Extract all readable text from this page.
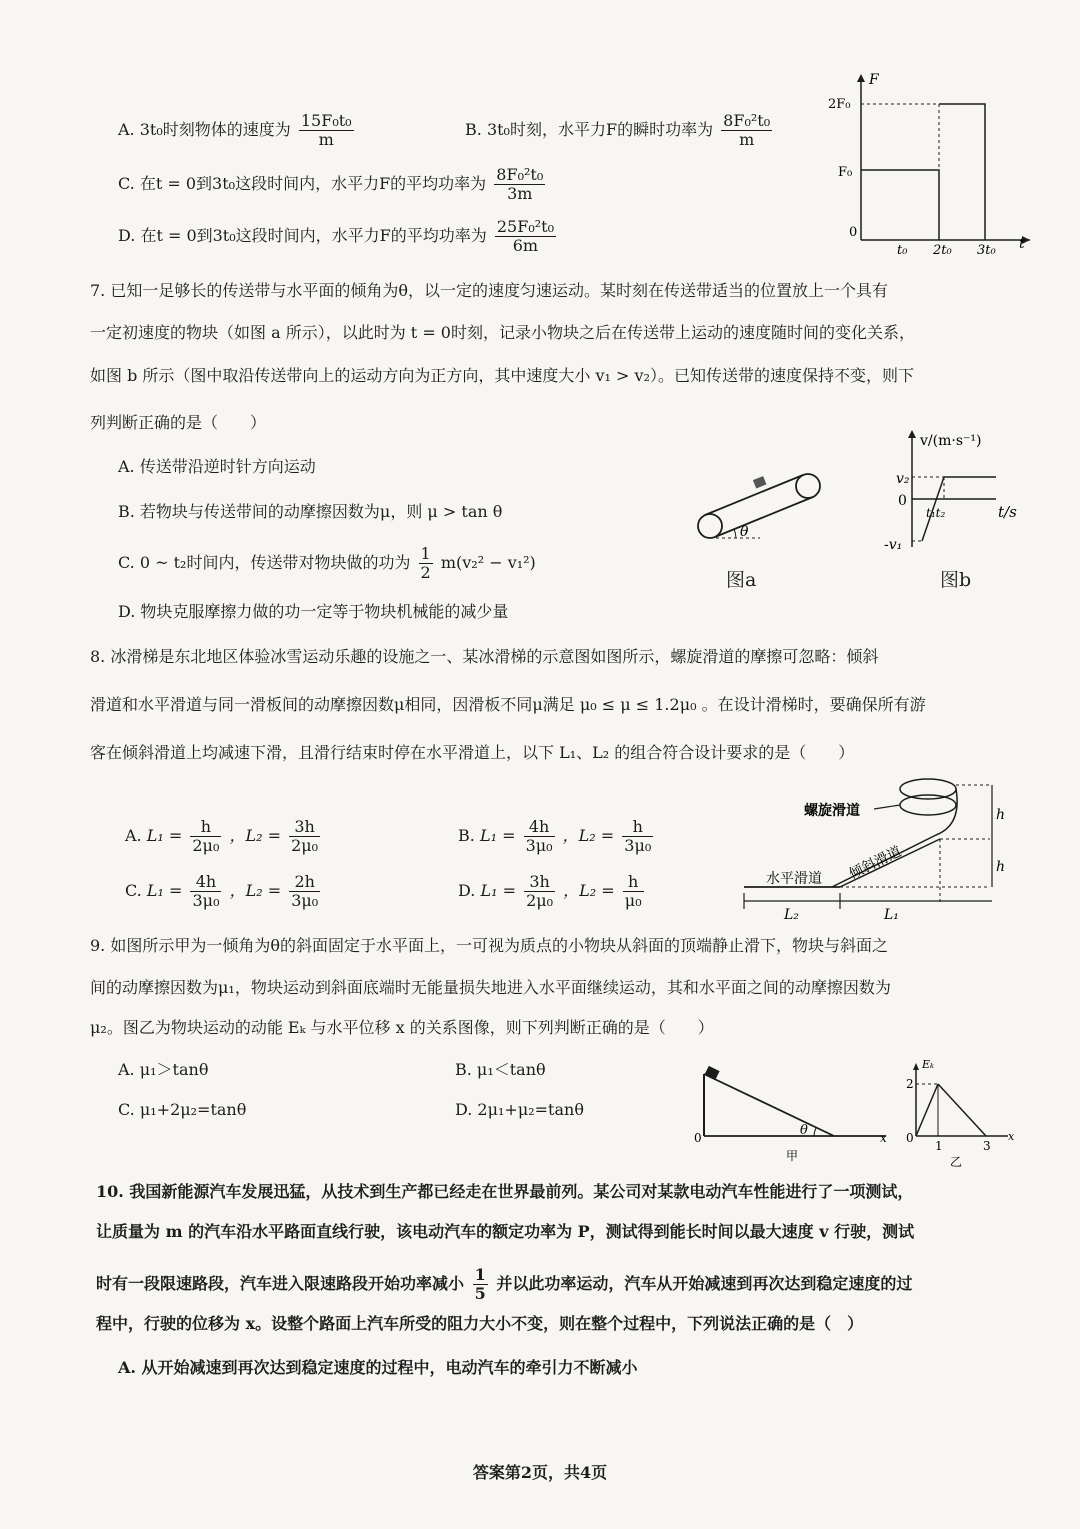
A. 3t₀时刻物体的速度为 $\frac{\text{15F₀t₀}}{m}$	B. 3t₀时刻，水平力F的瞬时功率为 $\frac{\text{8F₀²t₀}}{m}$
C. 在t = 0到3t₀这段时间内，水平力F的平均功率为 $\frac{\text{8F₀²t₀}}{3m}$
D. 在t = 0到3t₀这段时间内，水平力F的平均功率为 $\frac{\text{25F₀²t₀}}{6m}$
F
t
0
2F₀
F₀
t₀ 2t₀ 3t₀
7. 已知一足够长的传送带与水平面的倾角为θ，以一定的速度匀速运动。某时刻在传送带适当的位置放上一个具有
一定初速度的物块（如图 a 所示），以此时为 t = 0时刻，记录小物块之后在传送带上运动的速度随时间的变化关系，
如图 b 所示（图中取沿传送带向上的运动方向为正方向，其中速度大小 v₁ > v₂）。已知传送带的速度保持不变，则下
列判断正确的是（　　）
A. 传送带沿逆时针方向运动
B. 若物块与传送带间的动摩擦因数为μ，则 μ > tan θ
C. 0 ~ t₂时间内，传送带对物块做的功为 $\frac{1}{2} m(v_2^2 - v_1^2)$
D. 物块克服摩擦力做的功一定等于物块机械能的减少量
θ
图a
v/(m·s⁻¹)
t/s
0
v₂
-v₁
t₁t₂
图b
8. 冰滑梯是东北地区体验冰雪运动乐趣的设施之一、某冰滑梯的示意图如图所示，螺旋滑道的摩擦可忽略：倾斜
滑道和水平滑道与同一滑板间的动摩擦因数μ相同，因滑板不同μ满足 μ₀ ≤ μ ≤ 1.2μ₀ 。在设计滑梯时，要确保所有游
客在倾斜滑道上均减速下滑，且滑行结束时停在水平滑道上，以下 L₁、L₂ 的组合符合设计要求的是（　　）
A. $L_1 = \frac{h}{\text{2μ₀}}$ ，$L_2 = \frac{3h}{\text{2μ₀}}$	B. $L_1 = \frac{4h}{\text{3μ₀}}$ ，$L_2 = \frac{h}{\text{3μ₀}}$
C. $L_1 = \frac{4h}{\text{3μ₀}}$ ，$L_2 = \frac{2h}{\text{3μ₀}}$	D. $L_1 = \frac{3h}{\text{2μ₀}}$ ，$L_2 = \frac{h}{\text{μ₀}}$
h
h
螺旋滑道
倾斜滑道
水平滑道
L₂	L₁
9. 如图所示甲为一倾角为θ的斜面固定于水平面上，一可视为质点的小物块从斜面的顶端静止滑下，物块与斜面之
间的动摩擦因数为μ₁，物块运动到斜面底端时无能量损失地进入水平面继续运动，其和水平面之间的动摩擦因数为
μ₂。图乙为物块运动的动能 Eₖ 与水平位移 x 的关系图像，则下列判断正确的是（　　）
A. μ₁＞tanθ	B. μ₁＜tanθ
C. μ₁+2μ₂=tanθ	D. 2μ₁+μ₂=tanθ
θ
0	x
甲
Eₖ
x
2
0
1	3
乙
10. 我国新能源汽车发展迅猛，从技术到生产都已经走在世界最前列。某公司对某款电动汽车性能进行了一项测试，
让质量为 m 的汽车沿水平路面直线行驶，该电动汽车的额定功率为 P，测试得到能长时间以最大速度 v 行驶，测试
时有一段限速路段，汽车进入限速路段开始功率减小 $\frac{1}{5}$ 并以此功率运动，汽车从开始减速到再次达到稳定速度的过
程中，行驶的位移为 x。设整个路面上汽车所受的阻力大小不变，则在整个过程中，下列说法正确的是（　）
A. 从开始减速到再次达到稳定速度的过程中，电动汽车的牵引力不断减小
答案第2页，共4页
